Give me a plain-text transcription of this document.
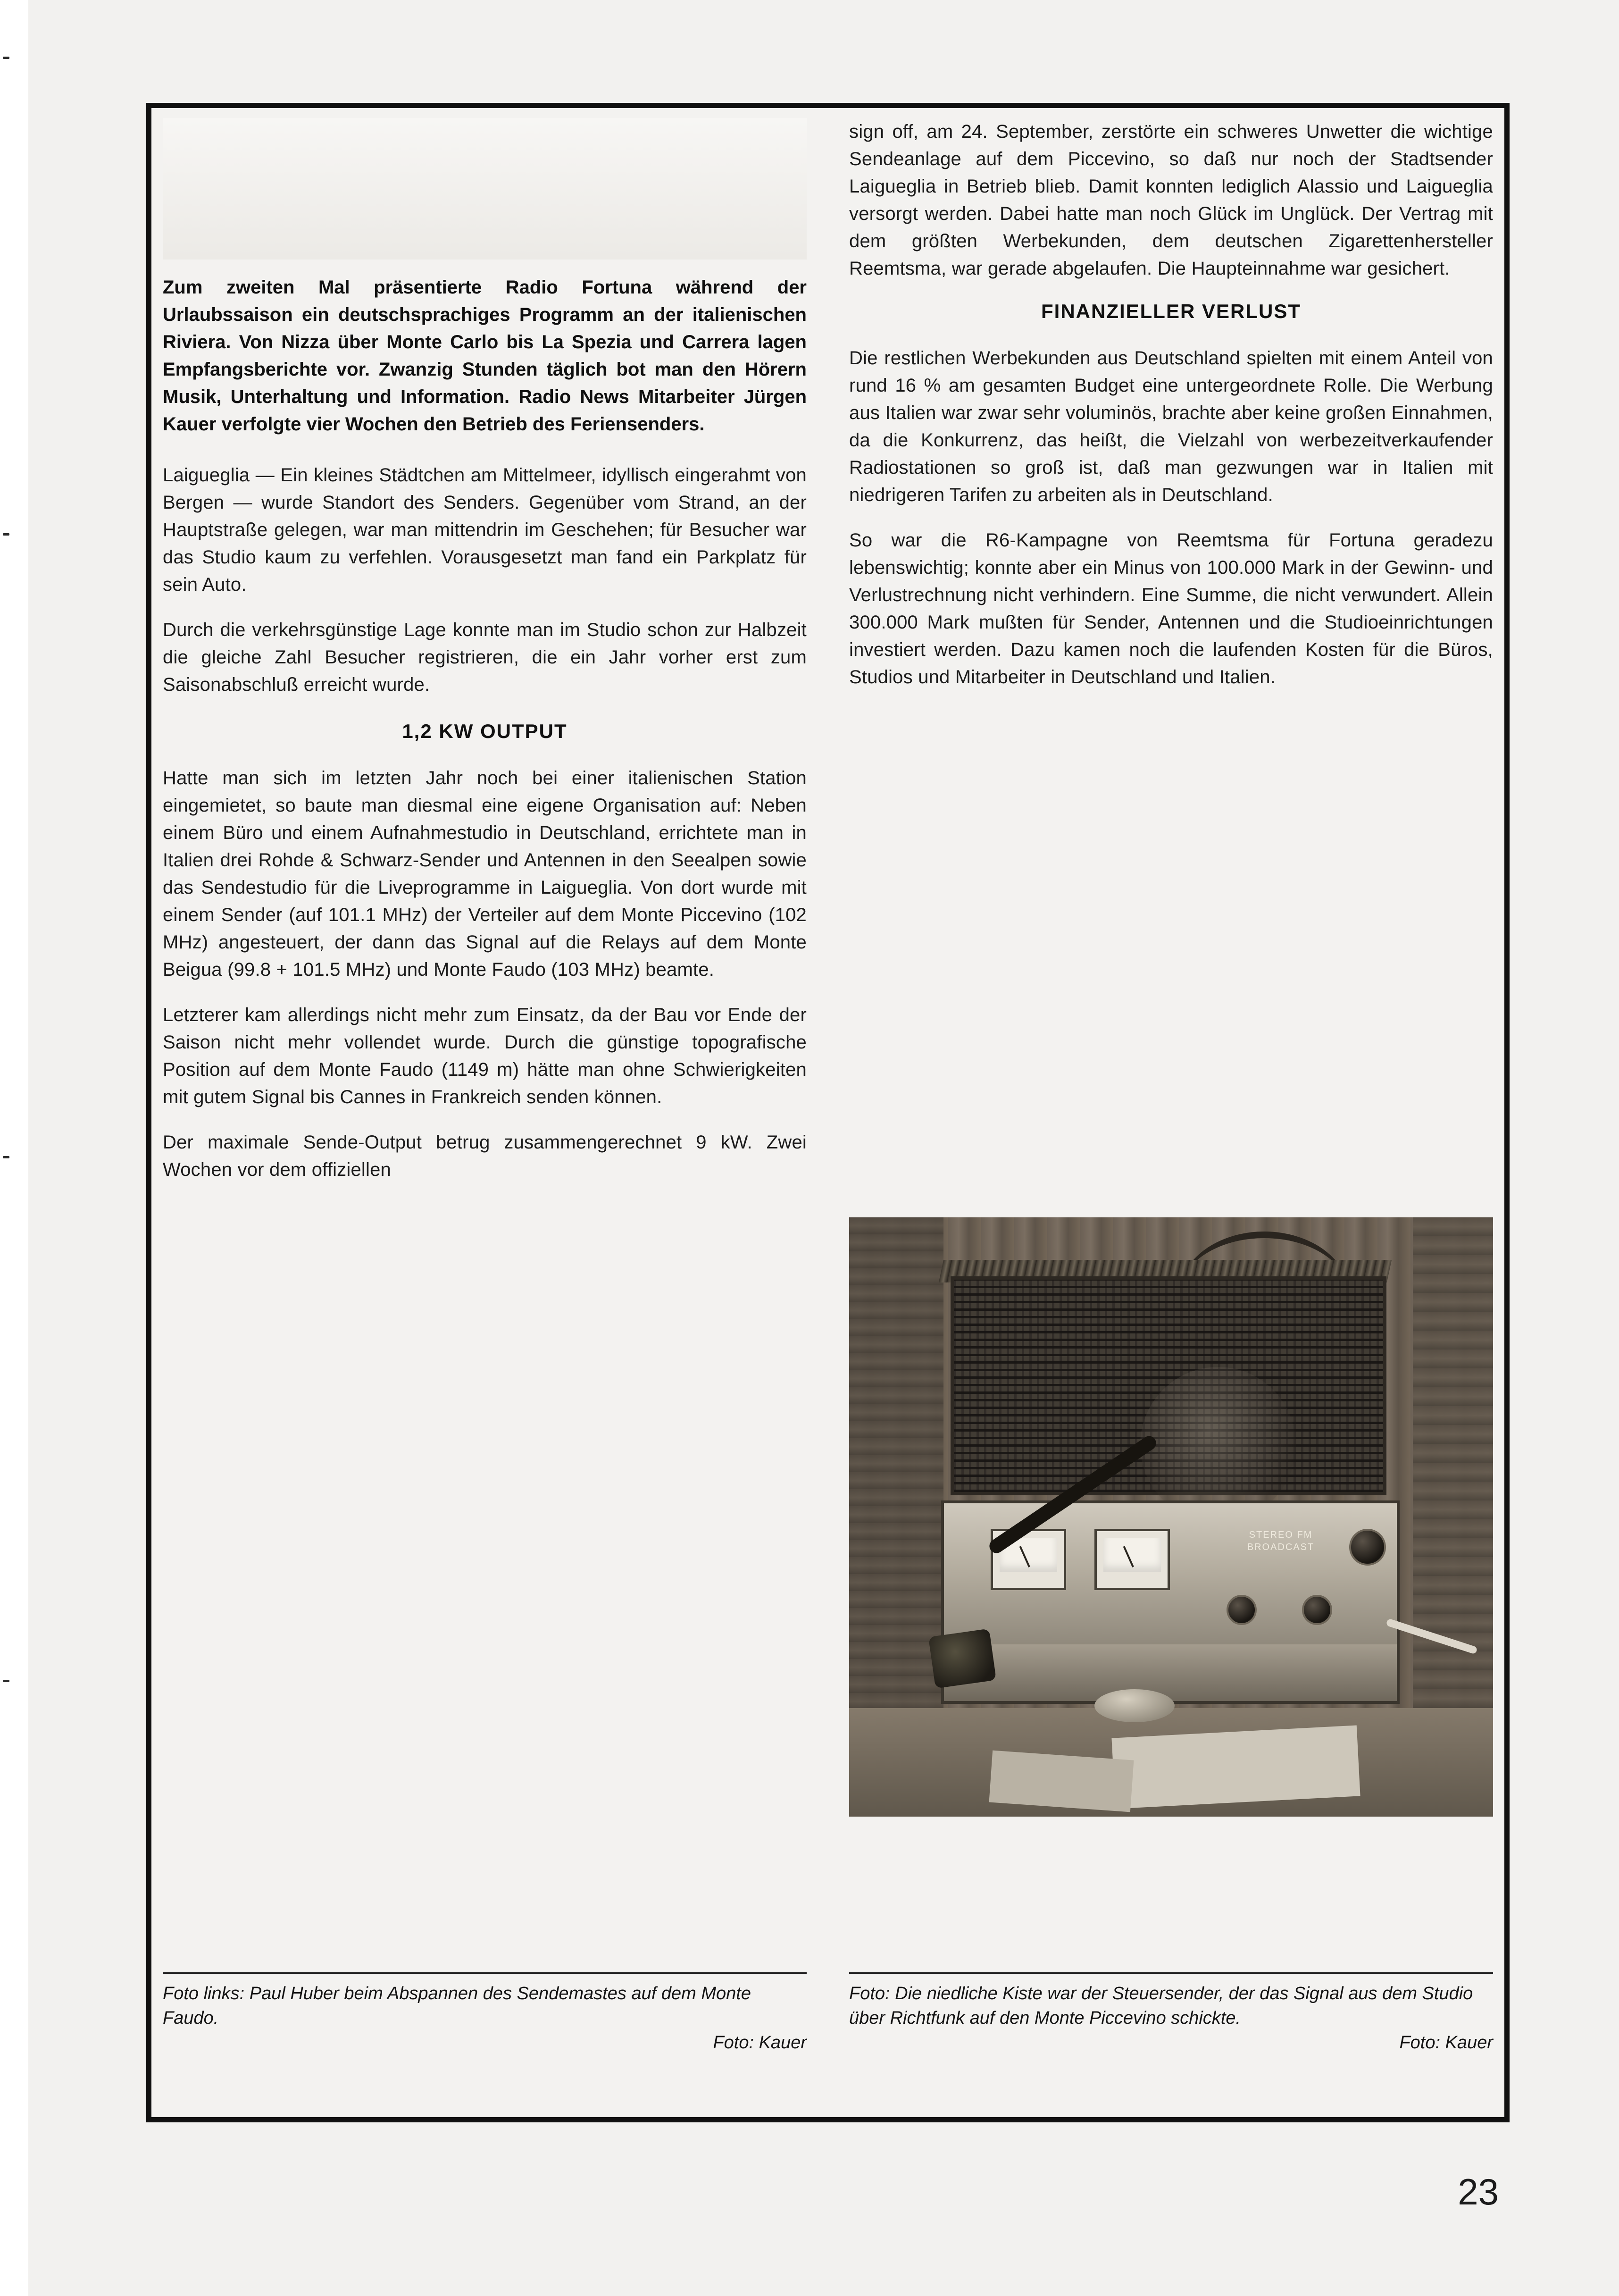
Zum zweiten Mal präsentierte Radio Fortuna während der Urlaubssaison ein deutschsprachiges Programm an der italienischen Riviera. Von Nizza über Monte Carlo bis La Spezia und Carrera lagen Empfangsberichte vor. Zwanzig Stunden täglich bot man den Hörern Musik, Unterhaltung und Information. Radio News Mitarbeiter Jürgen Kauer verfolgte vier Wochen den Betrieb des Feriensenders.

Laigueglia — Ein kleines Städtchen am Mittelmeer, idyllisch eingerahmt von Bergen — wurde Standort des Senders. Gegenüber vom Strand, an der Hauptstraße gelegen, war man mittendrin im Geschehen; für Besucher war das Studio kaum zu verfehlen. Vorausgesetzt man fand ein Parkplatz für sein Auto.

Durch die verkehrsgünstige Lage konnte man im Studio schon zur Halbzeit die gleiche Zahl Besucher registrieren, die ein Jahr vorher erst zum Saisonabschluß erreicht wurde.

1,2 KW OUTPUT

Hatte man sich im letzten Jahr noch bei einer italienischen Station eingemietet, so baute man diesmal eine eigene Organisation auf: Neben einem Büro und einem Aufnahmestudio in Deutschland, errichtete man in Italien drei Rohde & Schwarz-Sender und Antennen in den Seealpen sowie das Sendestudio für die Liveprogramme in Laigueglia. Von dort wurde mit einem Sender (auf 101.1 MHz) der Verteiler auf dem Monte Piccevino (102 MHz) angesteuert, der dann das Signal auf die Relays auf dem Monte Beigua (99.8 + 101.5 MHz) und Monte Faudo (103 MHz) beamte.

Letzterer kam allerdings nicht mehr zum Einsatz, da der Bau vor Ende der Saison nicht mehr vollendet wurde. Durch die günstige topografische Position auf dem Monte Faudo (1149 m) hätte man ohne Schwierigkeiten mit gutem Signal bis Cannes in Frankreich senden können.

Der maximale Sende-Output betrug zusammengerechnet 9 kW. Zwei Wochen vor dem offiziellen

sign off, am 24. September, zerstörte ein schweres Unwetter die wichtige Sendeanlage auf dem Piccevino, so daß nur noch der Stadtsender Laigueglia in Betrieb blieb. Damit konnten lediglich Alassio und Laigueglia versorgt werden. Dabei hatte man noch Glück im Unglück. Der Vertrag mit dem größten Werbekunden, dem deutschen Zigarettenhersteller Reemtsma, war gerade abgelaufen. Die Haupteinnahme war gesichert.

FINANZIELLER VERLUST

Die restlichen Werbekunden aus Deutschland spielten mit einem Anteil von rund 16 % am gesamten Budget eine untergeordnete Rolle. Die Werbung aus Italien war zwar sehr voluminös, brachte aber keine großen Einnahmen, da die Konkurrenz, das heißt, die Vielzahl von werbezeitverkaufender Radiostationen so groß ist, daß man gezwungen war in Italien mit niedrigeren Tarifen zu arbeiten als in Deutschland.

So war die R6-Kampagne von Reemtsma für Fortuna geradezu lebenswichtig; konnte aber ein Minus von 100.000 Mark in der Gewinn- und Verlustrechnung nicht verhindern. Eine Summe, die nicht verwundert. Allein 300.000 Mark mußten für Sender, Antennen und die Studioeinrichtungen investiert werden. Dazu kamen noch die laufenden Kosten für die Büros, Studios und Mitarbeiter in Deutschland und Italien.

STEREO FM
BROADCAST
Foto links: Paul Huber beim Abspannen des Sendemastes auf dem Monte Faudo.
Foto: Kauer
Foto: Die niedliche Kiste war der Steuersender, der das Signal aus dem Studio über Richtfunk auf den Monte Piccevino schickte.
Foto: Kauer
23
